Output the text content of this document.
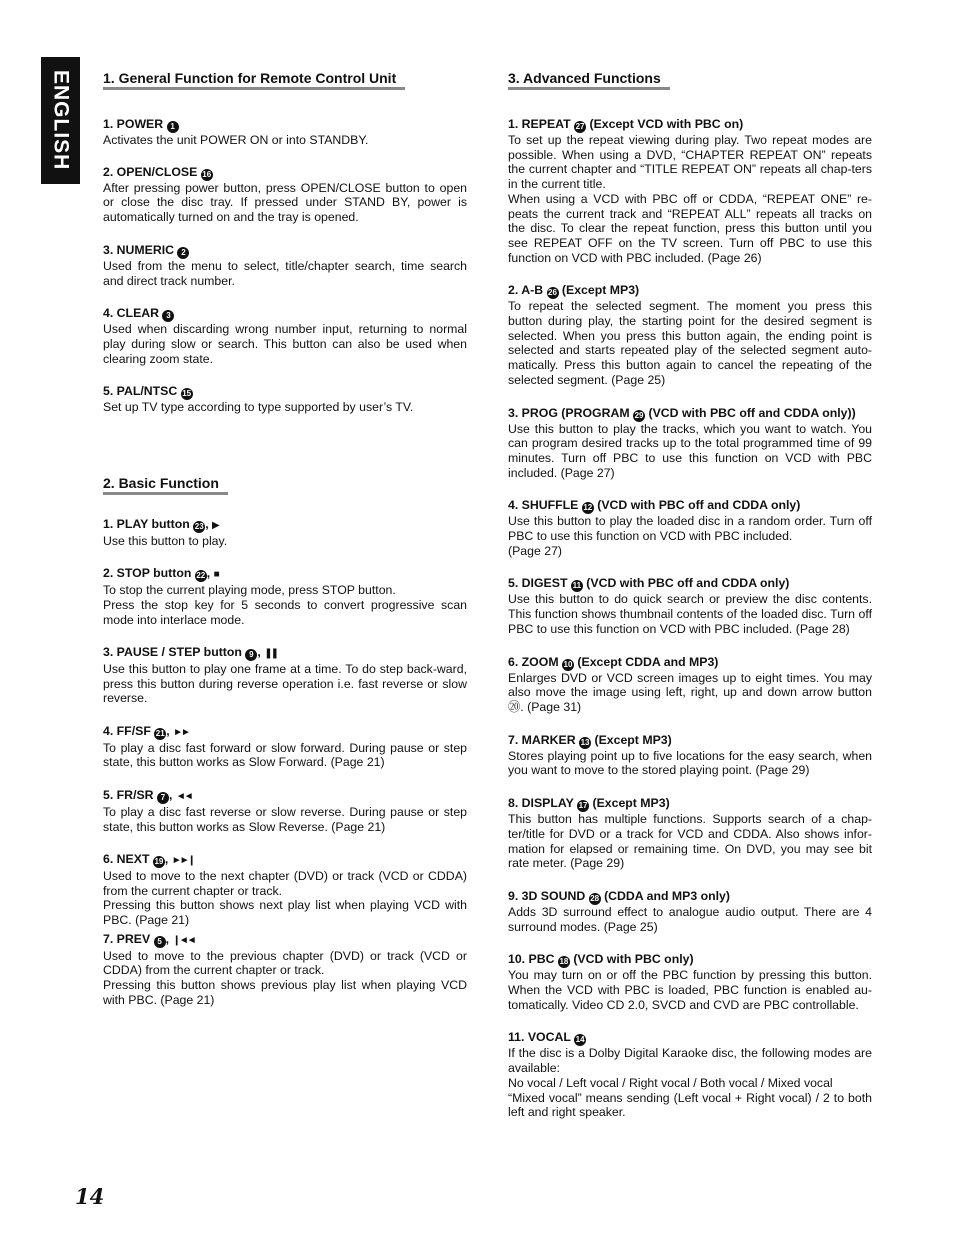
ENGLISH 1. General Function for Remote Control Unit
1. POWER 1

Activates the unit POWER ON or into STANDBY.

2. OPEN/CLOSE 16

After pressing power button, press OPEN/CLOSE button to open or close the disc tray. If pressed under STAND BY, power is automatically turned on and the tray is opened.

3. NUMERIC 2

Used from the menu to select, title/chapter search, time search and direct track number.

4. CLEAR 3

Used when discarding wrong number input, returning to normal play during slow or search. This button can also be used when clearing zoom state.

5. PAL/NTSC 15

Set up TV type according to type supported by user’s TV.

2. Basic Function
1. PLAY button 23 , ▶

Use this button to play.

2. STOP button 22 , ■

To stop the current playing mode, press STOP button.

Press the stop key for 5 seconds to convert progressive scan mode into interlace mode.

3. PAUSE / STEP button 9 , ❚❚

Use this button to play one frame at a time. To do step back-ward, press this button during reverse operation i.e. fast reverse or slow reverse.

4. FF/SF 21 , ►►

To play a disc fast forward or slow forward. During pause or step state, this button works as Slow Forward. (Page 21)

5. FR/SR 7 , ◄◄

To play a disc fast reverse or slow reverse. During pause or step state, this button works as Slow Reverse. (Page 21)

6. NEXT 19 , ►►❙

Used to move to the next chapter (DVD) or track (VCD or CDDA) from the current chapter or track.

Pressing this button shows next play list when playing VCD with PBC. (Page 21)

7. PREV 5 , ❙◄◄

Used to move to the previous chapter (DVD) or track (VCD or CDDA) from the current chapter or track.

Pressing this button shows previous play list when playing VCD with PBC. (Page 21)

3. Advanced Functions
1. REPEAT 27 (Except VCD with PBC on)

To set up the repeat viewing during play. Two repeat modes are possible. When using a DVD, “CHAPTER REPEAT ON” repeats the current chapter and “TITLE REPEAT ON” repeats all chap-ters in the current title.

When using a VCD with PBC off or CDDA, “REPEAT ONE” re-peats the current track and “REPEAT ALL” repeats all tracks on the disc. To clear the repeat function, press this button until you see REPEAT OFF on the TV screen. Turn off PBC to use this function on VCD with PBC included. (Page 26)

2. A-B 26 (Except MP3)

To repeat the selected segment. The moment you press this button during play, the starting point for the desired segment is selected. When you press this button again, the ending point is selected and starts repeated play of the selected segment auto-matically. Press this button again to cancel the repeating of the selected segment. (Page 25)

3. PROG (PROGRAM 29 (VCD with PBC off and CDDA only))

Use this button to play the tracks, which you want to watch. You can program desired tracks up to the total programmed time of 99 minutes. Turn off PBC to use this function on VCD with PBC included. (Page 27)

4. SHUFFLE 12 (VCD with PBC off and CDDA only)

Use this button to play the loaded disc in a random order. Turn off PBC to use this function on VCD with PBC included.

(Page 27)

5. DIGEST 11 (VCD with PBC off and CDDA only)

Use this button to do quick search or preview the disc contents. This function shows thumbnail contents of the loaded disc. Turn off PBC to use this function on VCD with PBC included. (Page 28)

6. ZOOM 10 (Except CDDA and MP3)

Enlarges DVD or VCD screen images up to eight times. You may also move the image using left, right, up and down arrow button ⑳. (Page 31)

7. MARKER 13 (Except MP3)

Stores playing point up to five locations for the easy search, when you want to move to the stored playing point. (Page 29)

8. DISPLAY 17 (Except MP3)

This button has multiple functions. Supports search of a chap-ter/title for DVD or a track for VCD and CDDA. Also shows infor-mation for elapsed or remaining time. On DVD, you may see bit rate meter. (Page 29)

9. 3D SOUND 28 (CDDA and MP3 only)

Adds 3D surround effect to analogue audio output. There are 4 surround modes. (Page 25)

10. PBC 18 (VCD with PBC only)

You may turn on or off the PBC function by pressing this button. When the VCD with PBC is loaded, PBC function is enabled au-tomatically. Video CD 2.0, SVCD and CVD are PBC controllable.

11. VOCAL 14

If the disc is a Dolby Digital Karaoke disc, the following modes are available:

No vocal / Left vocal / Right vocal / Both vocal / Mixed vocal

“Mixed vocal” means sending (Left vocal + Right vocal) / 2 to both left and right speaker.

14
